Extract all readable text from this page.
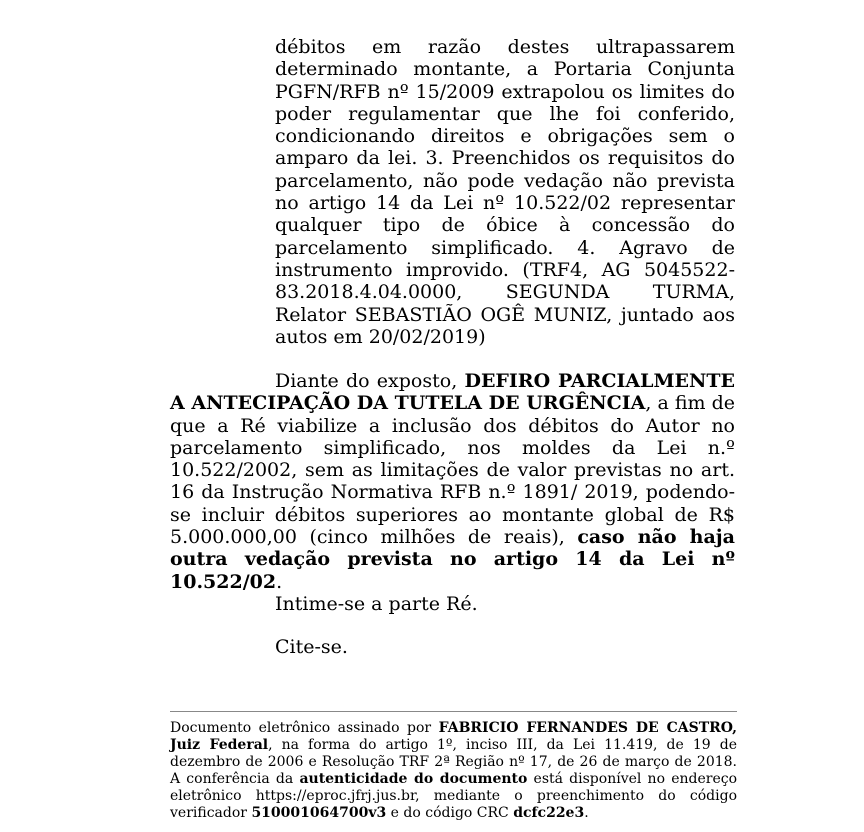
débitos em razão destes ultrapassarem determinado montante, a Portaria Conjunta PGFN/RFB nº 15/2009 extrapolou os limites do poder regulamentar que lhe foi conferido, condicionando direitos e obrigações sem o amparo da lei. 3. Preenchidos os requisitos do parcelamento, não pode vedação não prevista no artigo 14 da Lei nº 10.522/02 representar qualquer tipo de óbice à concessão do parcelamento simplificado. 4. Agravo de instrumento improvido. (TRF4, AG 5045522-83.2018.4.04.0000, SEGUNDA TURMA, Relator SEBASTIÃO OGÊ MUNIZ, juntado aos autos em 20/02/2019)
Diante do exposto, DEFIRO PARCIALMENTE A ANTECIPAÇÃO DA TUTELA DE URGÊNCIA, a fim de que a Ré viabilize a inclusão dos débitos do Autor no parcelamento simplificado, nos moldes da Lei n.º 10.522/2002, sem as limitações de valor previstas no art. 16 da Instrução Normativa RFB n.º 1891/ 2019, podendo-se incluir débitos superiores ao montante global de R$ 5.000.000,00 (cinco milhões de reais), caso não haja outra vedação prevista no artigo 14 da Lei nº 10.522/02.
Intime-se a parte Ré.
Cite-se.
Documento eletrônico assinado por FABRICIO FERNANDES DE CASTRO, Juiz Federal, na forma do artigo 1º, inciso III, da Lei 11.419, de 19 de dezembro de 2006 e Resolução TRF 2ª Região nº 17, de 26 de março de 2018. A conferência da autenticidade do documento está disponível no endereço eletrônico https://eproc.jfrj.jus.br, mediante o preenchimento do código verificador 510001064700v3 e do código CRC dcfc22e3.
